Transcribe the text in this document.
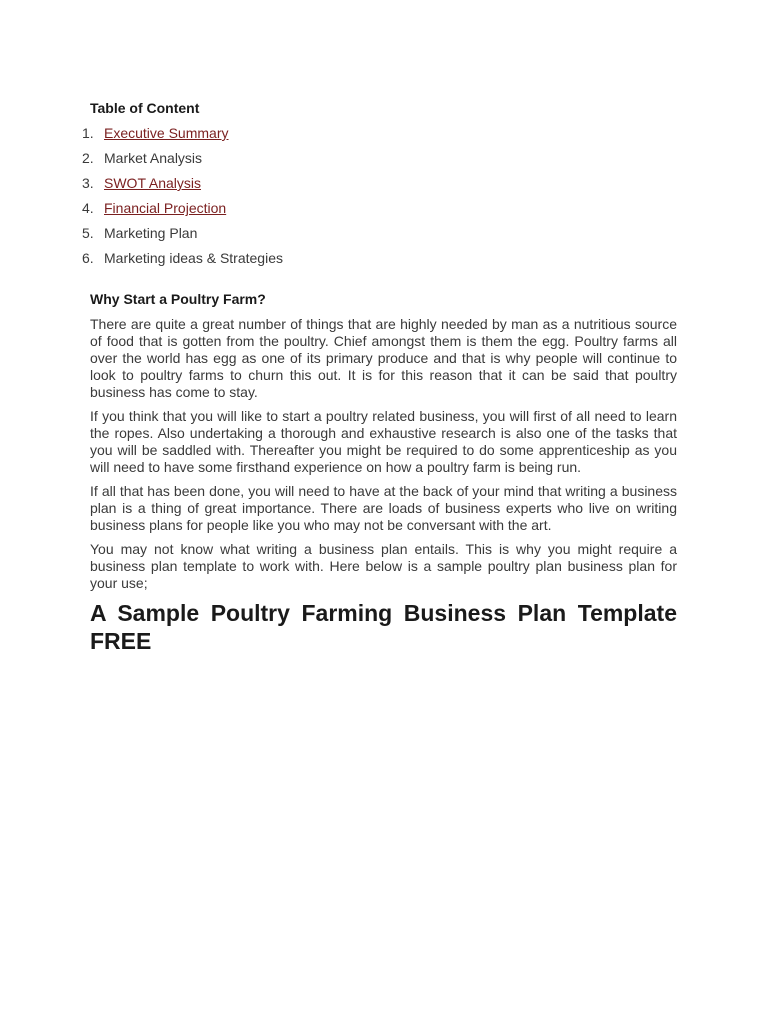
Table of Content
1. Executive Summary
2. Market Analysis
3. SWOT Analysis
4. Financial Projection
5. Marketing Plan
6. Marketing ideas & Strategies
Why Start a Poultry Farm?

There are quite a great number of things that are highly needed by man as a nutritious source of food that is gotten from the poultry. Chief amongst them is them the egg. Poultry farms all over the world has egg as one of its primary produce and that is why people will continue to look to poultry farms to churn this out. It is for this reason that it can be said that poultry business has come to stay.

If you think that you will like to start a poultry related business, you will first of all need to learn the ropes. Also undertaking a thorough and exhaustive research is also one of the tasks that you will be saddled with. Thereafter you might be required to do some apprenticeship as you will need to have some firsthand experience on how a poultry farm is being run.

If all that has been done, you will need to have at the back of your mind that writing a business plan is a thing of great importance. There are loads of business experts who live on writing business plans for people like you who may not be conversant with the art.

You may not know what writing a business plan entails. This is why you might require a business plan template to work with. Here below is a sample poultry plan business plan for your use;

A Sample Poultry Farming Business Plan Template FREE
